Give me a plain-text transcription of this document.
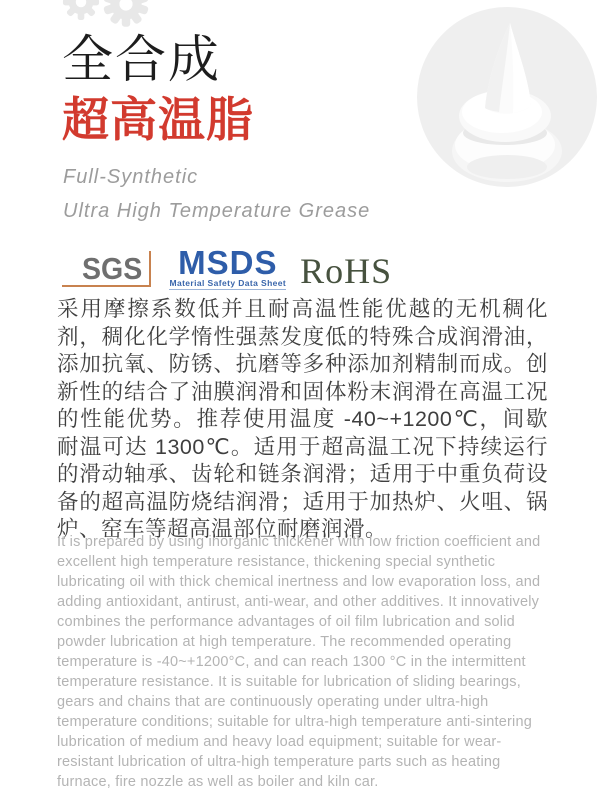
全合成
超高温脂
Full-Synthetic
Ultra High Temperature Grease
SGS MSDS
Material Safety Data Sheet RoHS
采用摩擦系数低并且耐高温性能优越的无机稠化剂，稠化化学惰性强蒸发度低的特殊合成润滑油，添加抗氧、防锈、抗磨等多种添加剂精制而成。创新性的结合了油膜润滑和固体粉末润滑在高温工况的性能优势。推荐使用温度 -40~+1200℃，间歇耐温可达 1300℃。适用于超高温工况下持续运行的滑动轴承、齿轮和链条润滑；适用于中重负荷设备的超高温防烧结润滑；适用于加热炉、火咀、锅炉、窑车等超高温部位耐磨润滑。
It is prepared by using inorganic thickener with low friction coefficient and excellent high temperature resistance, thickening special synthetic lubricating oil with thick chemical inertness and low evaporation loss, and adding antioxidant, antirust, anti-wear, and other additives. It innovatively combines the performance advantages of oil film lubrication and solid powder lubrication at high temperature. The recommended operating temperature is -40~+1200°C, and can reach 1300 °C in the intermittent temperature resistance. It is suitable for lubrication of sliding bearings, gears and chains that are continuously operating under ultra-high temperature conditions; suitable for ultra-high temperature anti-sintering lubrication of medium and heavy load equipment; suitable for wear-resistant lubrication of ultra-high temperature parts such as heating furnace, fire nozzle as well as boiler and kiln car.
